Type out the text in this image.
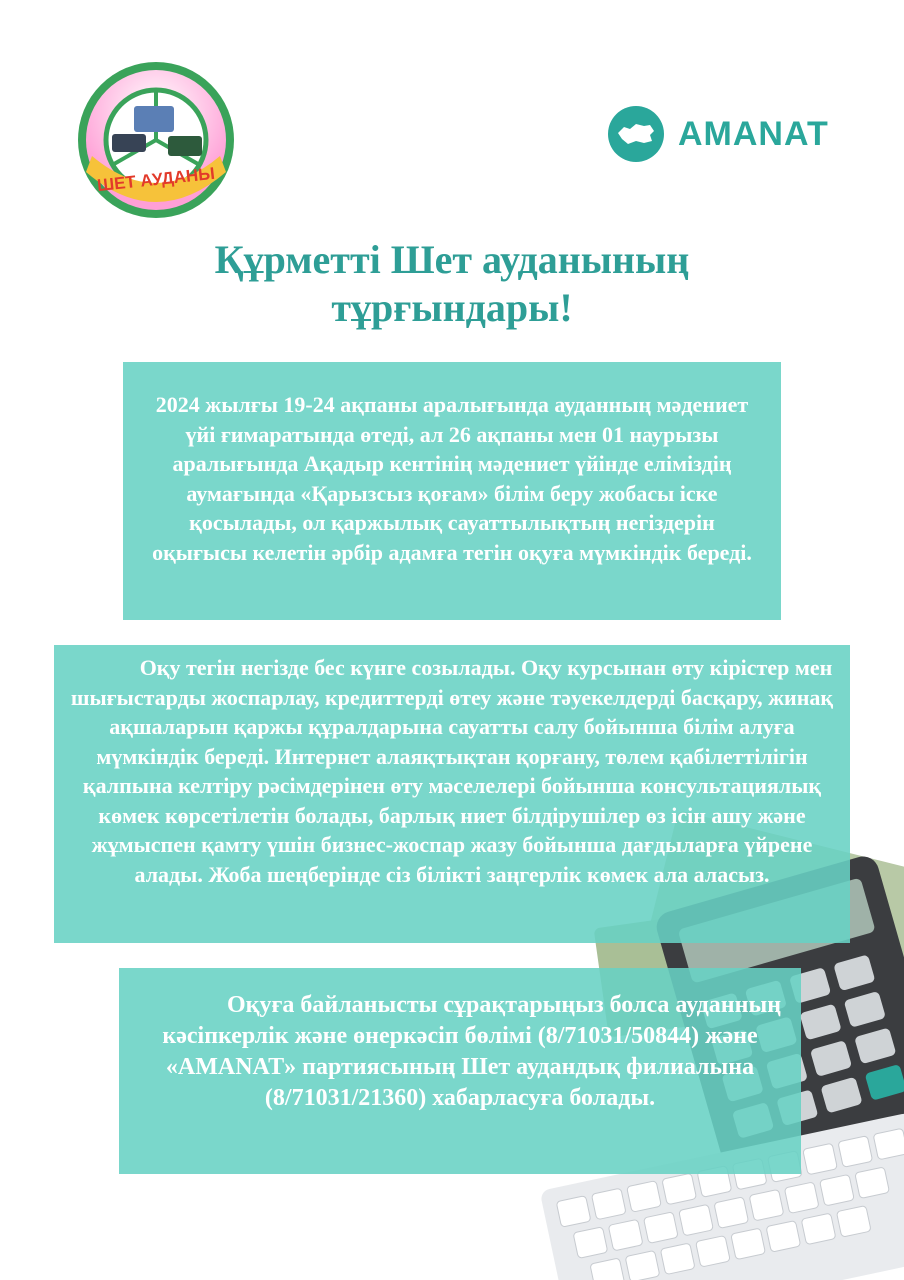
ШЕТ АУДАНЫ
AMANAT
Құрметті Шет ауданының
тұрғындары!

2024 жылғы 19-24 ақпаны аралығында ауданның мәдениет үйі ғимаратында өтеді, ал 26 ақпаны мен 01 наурызы аралығында Ақадыр кентінің мәдениет үйінде еліміздің аумағында «Қарызсыз қоғам» білім беру жобасы іске қосылады, ол қаржылық сауаттылықтың негіздерін оқығысы келетін әрбір адамға тегін оқуға мүмкіндік береді.

Оқу тегін негізде бес күнге созылады. Оқу курсынан өту кірістер мен шығыстарды жоспарлау, кредиттерді өтеу және тәуекелдерді басқару, жинақ ақшаларын қаржы құралдарына сауатты салу бойынша білім алуға мүмкіндік береді. Интернет алаяқтықтан қорғану, төлем қабілеттілігін қалпына келтіру рәсімдерінен өту мәселелері бойынша консультациялық көмек көрсетілетін болады, барлық ниет білдірушілер өз ісін ашу және жұмыспен қамту үшін бизнес-жоспар жазу бойынша дағдыларға үйрене алады. Жоба шеңберінде сіз білікті заңгерлік көмек ала аласыз.

Оқуға байланысты сұрақтарыңыз болса ауданның кәсіпкерлік және өнеркәсіп бөлімі (8/71031/50844) және «AMANAT» партиясының Шет аудандық филиалына (8/71031/21360) хабарласуға болады.
